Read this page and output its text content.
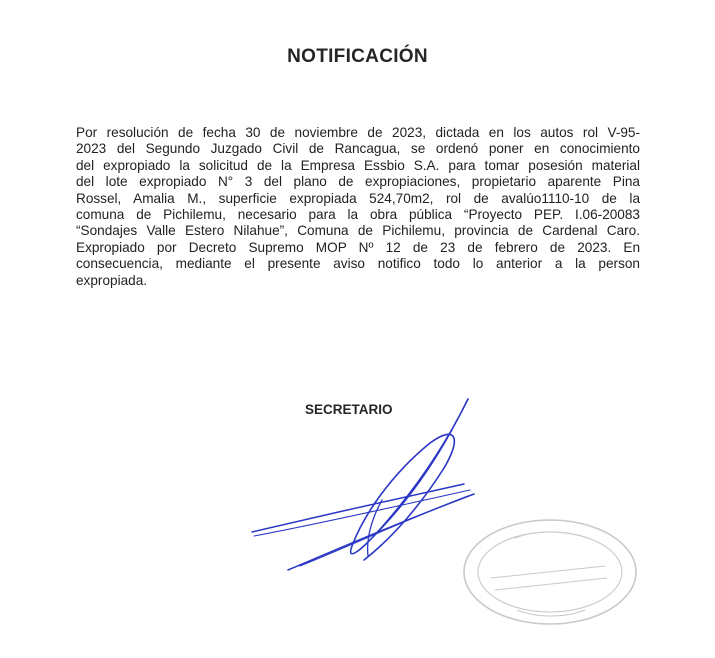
NOTIFICACIÓN
Por resolución de fecha 30 de noviembre de 2023, dictada en los autos rol V-95-
2023 del Segundo Juzgado Civil de Rancagua, se ordenó poner en conocimiento
del expropiado la solicitud de la Empresa Essbio S.A. para tomar posesión material
del lote expropiado N° 3 del plano de expropiaciones, propietario aparente Pina
Rossel, Amalia M., superficie expropiada 524,70m2, rol de avalúo1110-10 de la
comuna de Pichilemu, necesario para la obra pública “Proyecto PEP. I.06-20083
“Sondajes Valle Estero Nilahue”, Comuna de Pichilemu, provincia de Cardenal Caro.
Expropiado por Decreto Supremo MOP Nº 12 de 23 de febrero de 2023. En
consecuencia, mediante el presente aviso notifico todo lo anterior a la person
expropiada.
SECRETARIO
